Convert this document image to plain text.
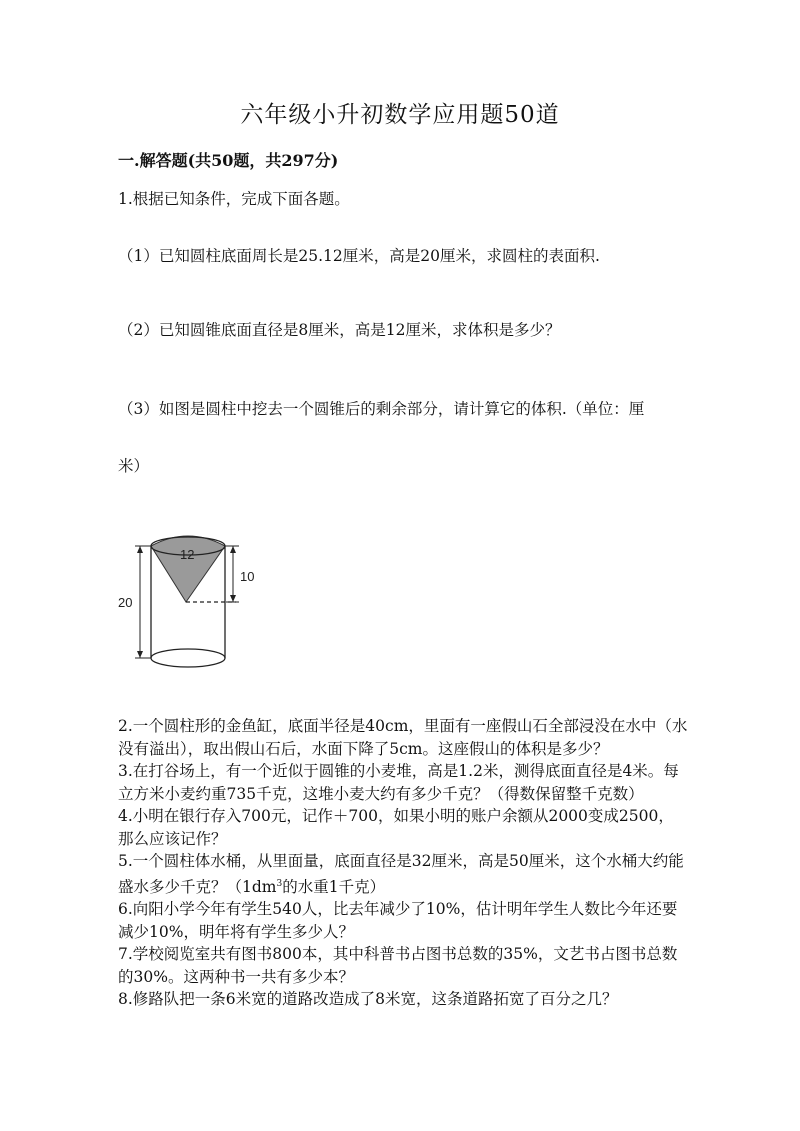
六年级小升初数学应用题50道
一.解答题(共50题，共297分)
1.根据已知条件，完成下面各题。
（1）已知圆柱底面周长是25.12厘米，高是20厘米，求圆柱的表面积.
（2）已知圆锥底面直径是8厘米，高是12厘米，求体积是多少？
（3）如图是圆柱中挖去一个圆锥后的剩余部分，请计算它的体积.（单位：厘
米）
12
10
20
2.一个圆柱形的金鱼缸，底面半径是40cm，里面有一座假山石全部浸没在水中（水没有溢出），取出假山石后，水面下降了5cm。这座假山的体积是多少？
3.在打谷场上，有一个近似于圆锥的小麦堆，高是1.2米，测得底面直径是4米。每立方米小麦约重735千克，这堆小麦大约有多少千克？（得数保留整千克数）
4.小明在银行存入700元，记作＋700，如果小明的账户余额从2000变成2500，那么应该记作？
5.一个圆柱体水桶，从里面量，底面直径是32厘米，高是50厘米，这个水桶大约能盛水多少千克？（$1dm^3$的水重1千克）
6.向阳小学今年有学生540人，比去年减少了10%，估计明年学生人数比今年还要减少10%，明年将有学生多少人？
7.学校阅览室共有图书800本，其中科普书占图书总数的35%，文艺书占图书总数的30%。这两种书一共有多少本？
8.修路队把一条6米宽的道路改造成了8米宽，这条道路拓宽了百分之几？
